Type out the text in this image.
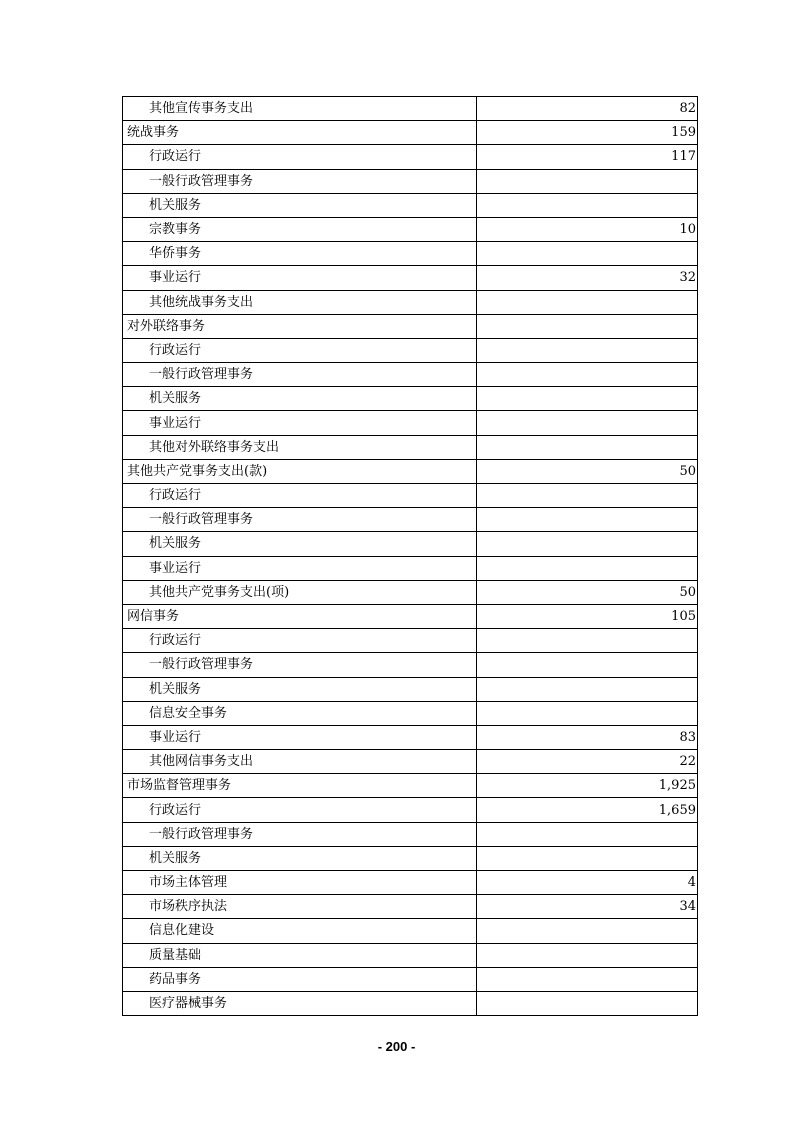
其他宣传事务支出	82
统战事务	159
行政运行	117
一般行政管理事务	
机关服务	
宗教事务	10
华侨事务	
事业运行	32
其他统战事务支出	
对外联络事务	
行政运行	
一般行政管理事务	
机关服务	
事业运行	
其他对外联络事务支出	
其他共产党事务支出(款)	50
行政运行	
一般行政管理事务	
机关服务	
事业运行	
其他共产党事务支出(项)	50
网信事务	105
行政运行	
一般行政管理事务	
机关服务	
信息安全事务	
事业运行	83
其他网信事务支出	22
市场监督管理事务	1,925
行政运行	1,659
一般行政管理事务	
机关服务	
市场主体管理	4
市场秩序执法	34
信息化建设	
质量基础	
药品事务	
医疗器械事务	
- 200 -
